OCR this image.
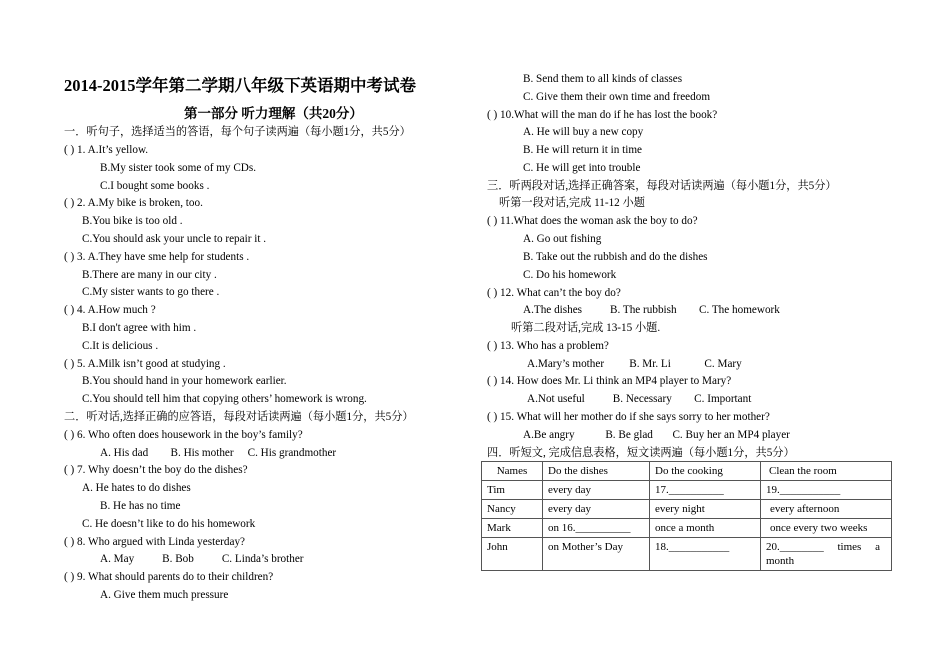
2014-2015学年第二学期八年级下英语期中考试卷
第一部分 听力理解（共20分）
一．听句子，选择适当的答语，每个句子读两遍（每小题1分，共5分）
( ) 1. A.It’s yellow.
B.My sister took some of my CDs.
C.I bought some books .
( ) 2. A.My bike is broken, too.
B.You bike is too old .
C.You should ask your uncle to repair it .
( ) 3. A.They have sme help for students .
B.There are many in our city .
C.My sister wants to go there .
( ) 4. A.How much ?
B.I don't agree with him .
C.It is delicious .
( ) 5. A.Milk isn’t good at studying .
B.You should hand in your homework earlier.
C.You should tell him that copying others’ homework is wrong.
二．听对话,选择正确的应答语，每段对话读两遍（每小题1分，共5分）
( ) 6. Who often does housework in the boy’s family?
A. His dad        B. His mother     C. His grandmother
( ) 7. Why doesn’t the boy do the dishes?
A. He hates to do dishes
B. He has no time
C. He doesn’t like to do his homework
( ) 8. Who argued with Linda yesterday?
A. May          B. Bob          C. Linda’s brother
( ) 9. What should parents do to their children?
A. Give them much pressure
B. Send them to all kinds of classes
C. Give them their own time and freedom
( ) 10.What will the man do if he has lost the book?
A. He will buy a new copy
B. He will return it in time
C. He will get into trouble
三．听两段对话,选择正确答案，每段对话读两遍（每小题1分，共5分）
听第一段对话,完成 11-12 小题
( ) 11.What does the woman ask the boy to do?
A. Go out fishing
B. Take out the rubbish and do the dishes
C. Do his homework
( ) 12. What can’t the boy do?
A.The dishes          B. The rubbish        C. The homework
听第二段对话,完成 13-15 小题.
( ) 13. Who has a problem?
A.Mary’s mother         B. Mr. Li            C. Mary
( ) 14. How does Mr. Li think an MP4 player to Mary?
A.Not useful          B. Necessary        C. Important
( ) 15. What will her mother do if she says sorry to her mother?
A.Be angry           B. Be glad       C. Buy her an MP4 player
四．听短文, 完成信息表格，短文读两遍（每小题1分，共5分）
Names	Do the dishes	Do the cooking	Clean the room
Tim	every day	17.__________	19.___________
Nancy	every day	every night	every afternoon
Mark	on 16.__________	once a month	once every two weeks
John	on Mother’s Day	18.___________	20.________     times     a month
